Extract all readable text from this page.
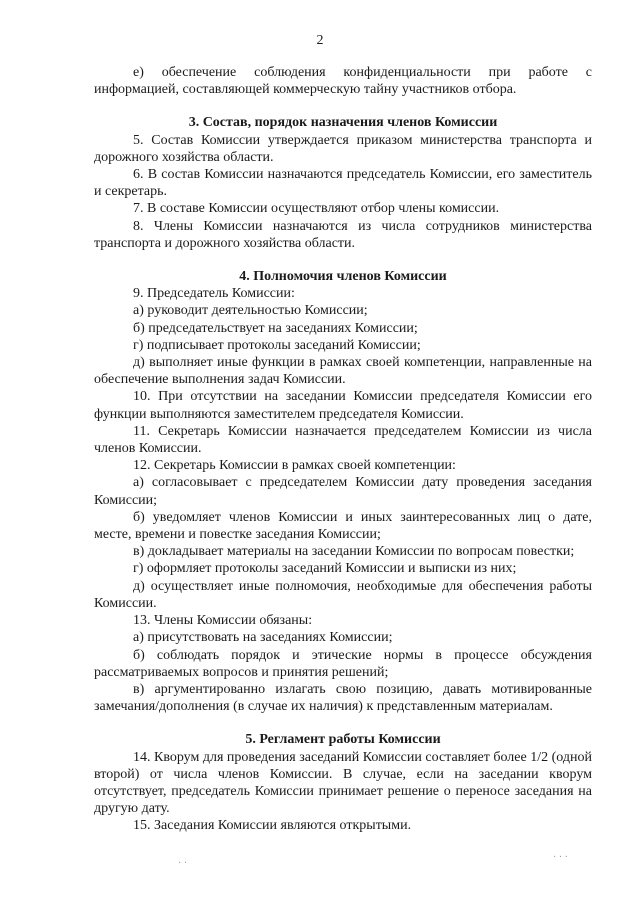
2

е) обеспечение соблюдения конфиденциальности при работе с информацией, составляющей коммерческую тайну участников отбора.

3. Состав, порядок назначения членов Комиссии

5. Состав Комиссии утверждается приказом министерства транспорта и дорожного хозяйства области.

6. В состав Комиссии назначаются председатель Комиссии, его заместитель и секретарь.

7. В составе Комиссии осуществляют отбор члены комиссии.

8. Члены Комиссии назначаются из числа сотрудников министерства транспорта и дорожного хозяйства области.

4. Полномочия членов Комиссии

9. Председатель Комиссии:

а) руководит деятельностью Комиссии;

б) председательствует на заседаниях Комиссии;

г) подписывает протоколы заседаний Комиссии;

д) выполняет иные функции в рамках своей компетенции, направленные на обеспечение выполнения задач Комиссии.

10. При отсутствии на заседании Комиссии председателя Комиссии его функции выполняются заместителем председателя Комиссии.

11. Секретарь Комиссии назначается председателем Комиссии из числа членов Комиссии.

12. Секретарь Комиссии в рамках своей компетенции:

а) согласовывает с председателем Комиссии дату проведения заседания Комиссии;

б) уведомляет членов Комиссии и иных заинтересованных лиц о дате, месте, времени и повестке заседания Комиссии;

в) докладывает материалы на заседании Комиссии по вопросам повестки;

г) оформляет протоколы заседаний Комиссии и выписки из них;

д) осуществляет иные полномочия, необходимые для обеспечения работы Комиссии.

13. Члены Комиссии обязаны:

а) присутствовать на заседаниях Комиссии;

б) соблюдать порядок и этические нормы в процессе обсуждения рассматриваемых вопросов и принятия решений;

в) аргументированно излагать свою позицию, давать мотивированные замечания/дополнения (в случае их наличия) к представленным материалам.

5. Регламент работы Комиссии

14. Кворум для проведения заседаний Комиссии составляет более 1/2 (одной второй) от числа членов Комиссии. В случае, если на заседании кворум отсутствует, председатель Комиссии принимает решение о переносе заседания на другую дату.

15. Заседания Комиссии являются открытыми.

· ·
· · ·
